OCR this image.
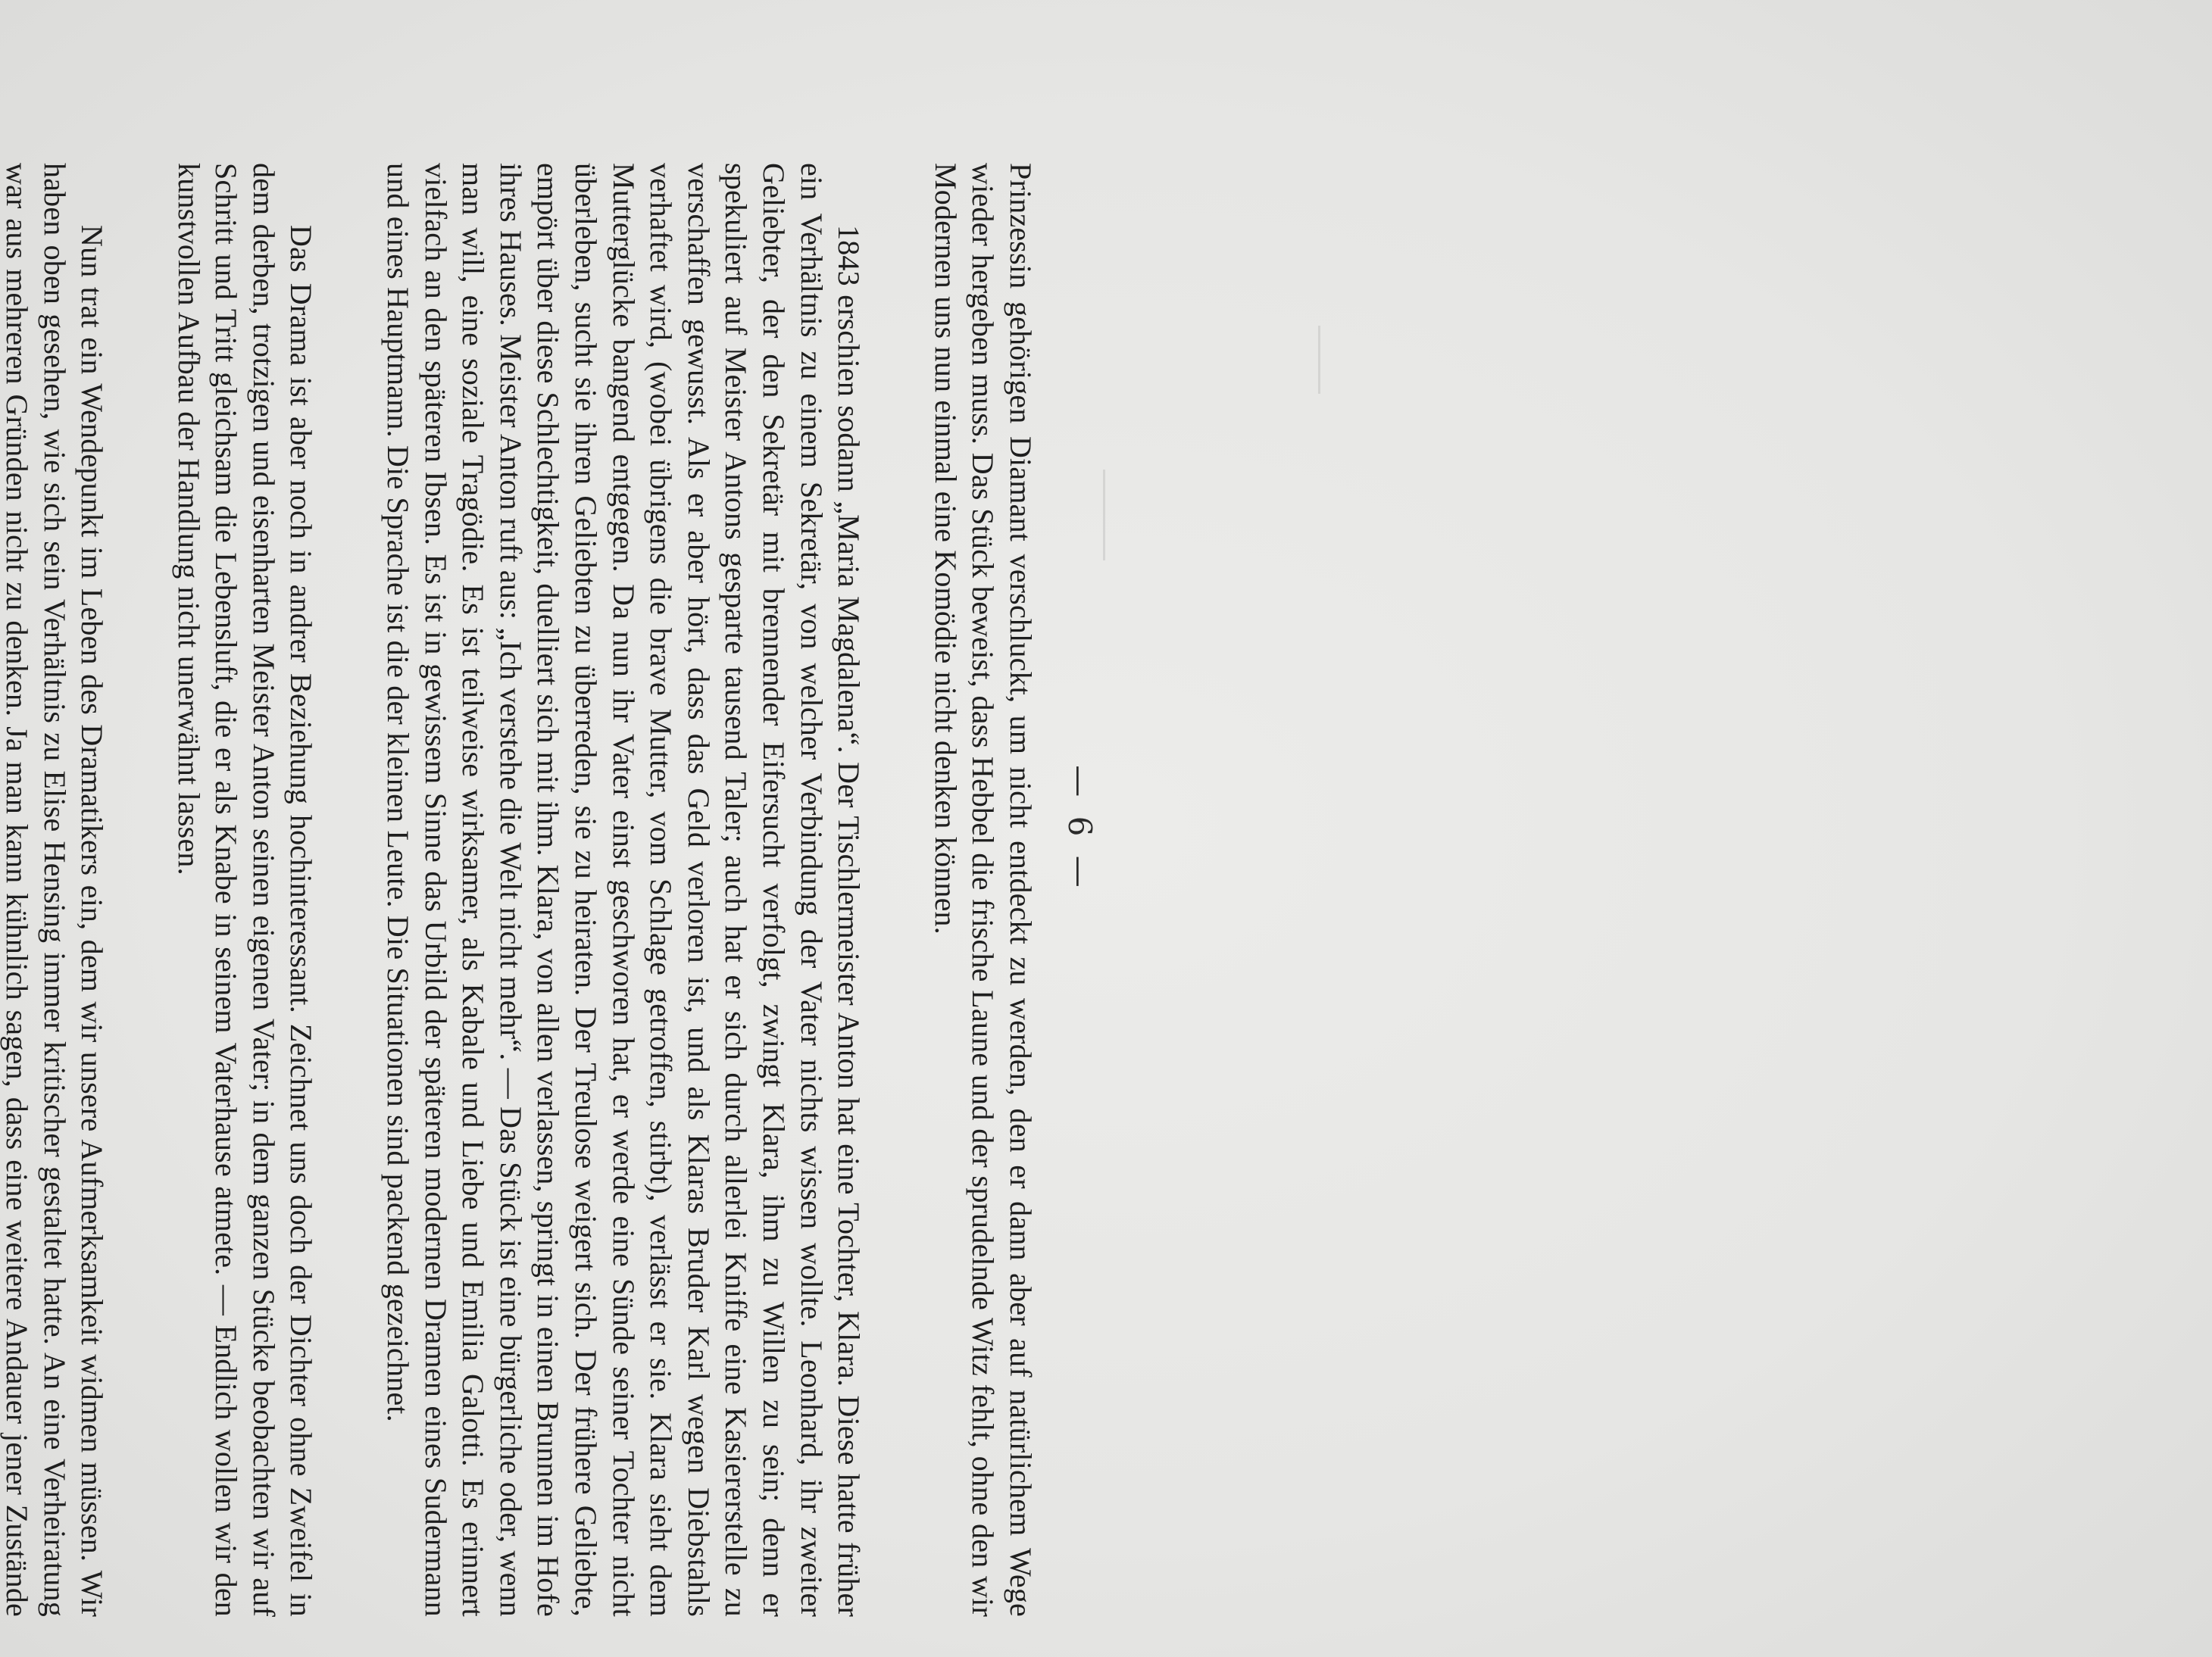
— 6 —

Prinzessin gehörigen Diamant verschluckt, um nicht entdeckt zu werden, den er dann aber auf natürlichem Wege wieder hergeben muss. Das Stück beweist, dass Hebbel die frische Laune und der sprudelnde Witz fehlt, ohne den wir Modernen uns nun einmal eine Komödie nicht denken können.

1843 erschien sodann „Maria Magdalena“. Der Tischlermeister Anton hat eine Tochter, Klara. Diese hatte früher ein Verhältnis zu einem Sekretär, von welcher Verbindung der Vater nichts wissen wollte. Leonhard, ihr zweiter Geliebter, der den Sekretär mit brennender Eifersucht verfolgt, zwingt Klara, ihm zu Willen zu sein; denn er spekuliert auf Meister Antons gesparte tausend Taler; auch hat er sich durch allerlei Kniffe eine Kasiererstelle zu verschaffen gewusst. Als er aber hört, dass das Geld verloren ist, und als Klaras Bruder Karl wegen Diebstahls verhaftet wird, (wobei übrigens die brave Mutter, vom Schlage getroffen, stirbt), verlässt er sie. Klara sieht dem Mutterglücke bangend entgegen. Da nun ihr Vater einst geschworen hat, er werde eine Sünde seiner Tochter nicht überleben, sucht sie ihren Geliebten zu überreden, sie zu heiraten. Der Treulose weigert sich. Der frühere Geliebte, empört über diese Schlechtigkeit, duelliert sich mit ihm. Klara, von allen verlassen, springt in einen Brunnen im Hofe ihres Hauses. Meister Anton ruft aus: „Ich verstehe die Welt nicht mehr“. — Das Stück ist eine bürgerliche oder, wenn man will, eine soziale Tragödie. Es ist teilweise wirksamer, als Kabale und Liebe und Emilia Galotti. Es erinnert vielfach an den späteren Ibsen. Es ist in gewissem Sinne das Urbild der späteren modernen Dramen eines Sudermann und eines Hauptmann. Die Sprache ist die der kleinen Leute. Die Situationen sind packend gezeichnet.

Das Drama ist aber noch in andrer Beziehung hochinteressant. Zeichnet uns doch der Dichter ohne Zweifel in dem derben, trotzigen und eisenharten Meister Anton seinen eigenen Vater; in dem ganzen Stücke beobachten wir auf Schritt und Tritt gleichsam die Lebensluft, die er als Knabe in seinem Vaterhause atmete. — Endlich wollen wir den kunstvollen Aufbau der Handlung nicht unerwähnt lassen.

Nun trat ein Wendepunkt im Leben des Dramatikers ein, dem wir unsere Aufmerksamkeit widmen müssen. Wir haben oben gesehen, wie sich sein Verhältnis zu Elise Hensing immer kritischer gestaltet hatte. An eine Verheiratung war aus mehreren Gründen nicht zu denken. Ja man kann kühnlich sagen, dass eine weitere Andauer jener Zustände
